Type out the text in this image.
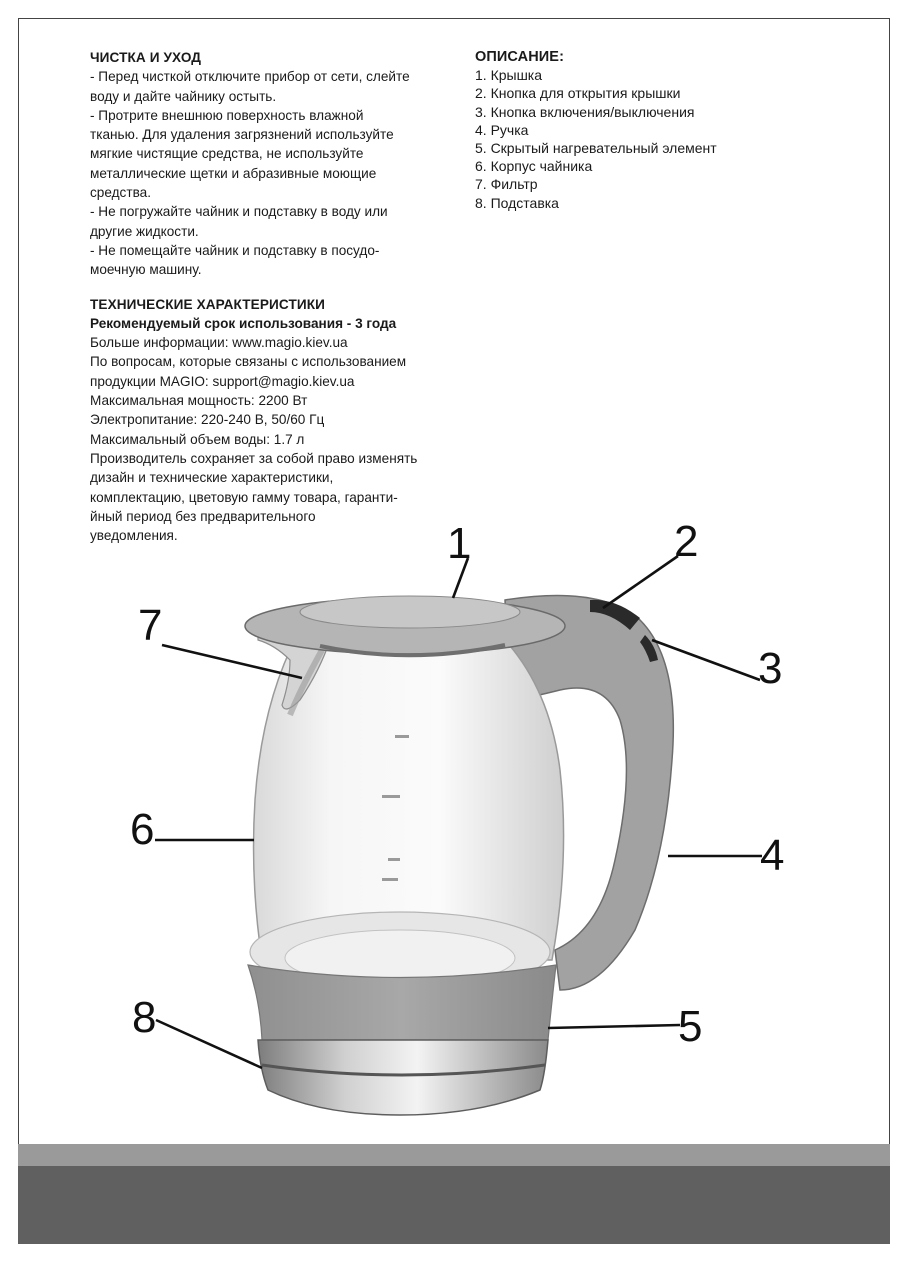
ЧИСТКА И УХОД

- Перед чисткой отключите прибор от сети, слейте

воду и дайте чайнику остыть.

- Протрите внешнюю поверхность влажной

тканью. Для удаления загрязнений используйте

мягкие чистящие средства, не используйте

металлические щетки и абразивные моющие

средства.

- Не погружайте чайник и подставку в воду или

другие жидкости.

- Не помещайте чайник и подставку в посудо-

моечную машину.

ТЕХНИЧЕСКИЕ ХАРАКТЕРИСТИКИ

Рекомендуемый срок использования - 3 года

Больше информации: www.magio.kiev.ua

По вопросам, которые связаны с использованием

продукции MAGIO: support@magio.kiev.ua

Максимальная мощность: 2200 Вт

Электропитание: 220-240 В, 50/60 Гц

Максимальный объем воды: 1.7 л

Производитель сохраняет за собой право изменять

дизайн и технические характеристики,

комплектацию, цветовую гамму товара, гаранти-

йный период без предварительного

уведомления.

ОПИСАНИЕ:
1. Крышка
2. Кнопка для открытия крышки
3. Кнопка включения/выключения
4. Ручка
5. Скрытый нагревательный элемент
6. Корпус чайника
7. Фильтр
8. Подставка
1	2
3
4
5
6
7
8
